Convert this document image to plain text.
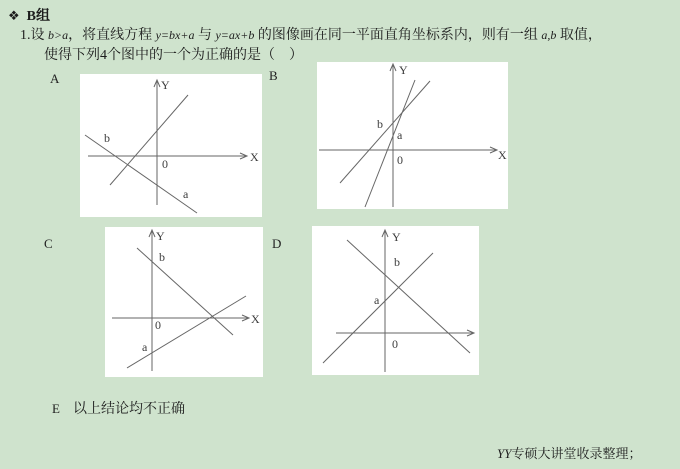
❖ B组
1.设 b>a，将直线方程 y=bx+a 与 y=ax+b 的图像画在同一平面直角坐标系内，则有一组 a,b 取值，
使得下列4个图中的一个为正确的是（　）
A	B
C	D
Y
X
0
b
a
Y
X
0
b
a
Y
X
0
b
a
Y
0
b
a
E 以上结论均不正确
YY专硕大讲堂收录整理；
